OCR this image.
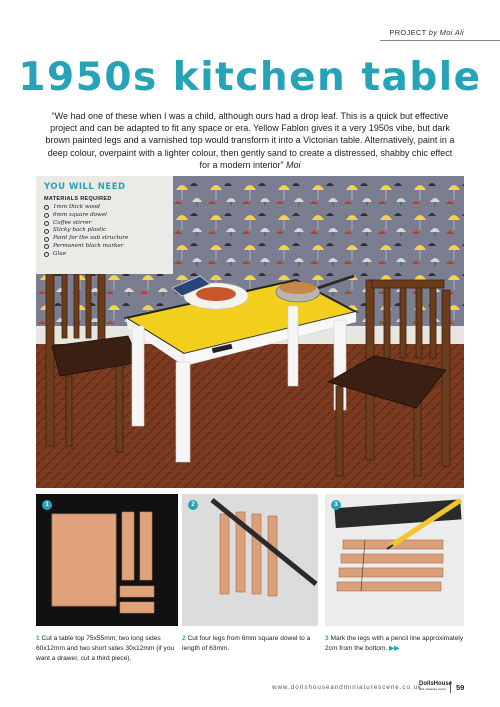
PROJECT by Moi Ali
1950s kitchen table

“We had one of these when I was a child, although ours had a drop leaf. This is a quick but effective project and can be adapted to fit any space or era. Yellow Fablon gives it a very 1950s vibe, but dark brown painted legs and a varnished top would transform it into a Victorian table. Alternatively, paint in a deep colour, overpaint with a lighter colour, then gently sand to create a distressed, shabby chic effect for a modern interior” Moi

YOU WILL NEED
MATERIALS REQUIRED
1mm thick wood
6mm square dowel
Coffee stirrer
Sticky back plastic
Paint for the sub structure
Permanent black marker
Glue
1	2	3

1 Cut a table top 75x55mm; two long sides 60x12mm and two short sides 30x12mm (if you want a drawer, cut a third piece).

2 Cut four legs from 6mm square dowel to a length of 63mm.

3 Mark the legs with a pencil line approximately 2cm from the bottom. ▶▶

www.dollshouseandminiaturescene.co.uk
DollsHouse
and miniature scene	59
